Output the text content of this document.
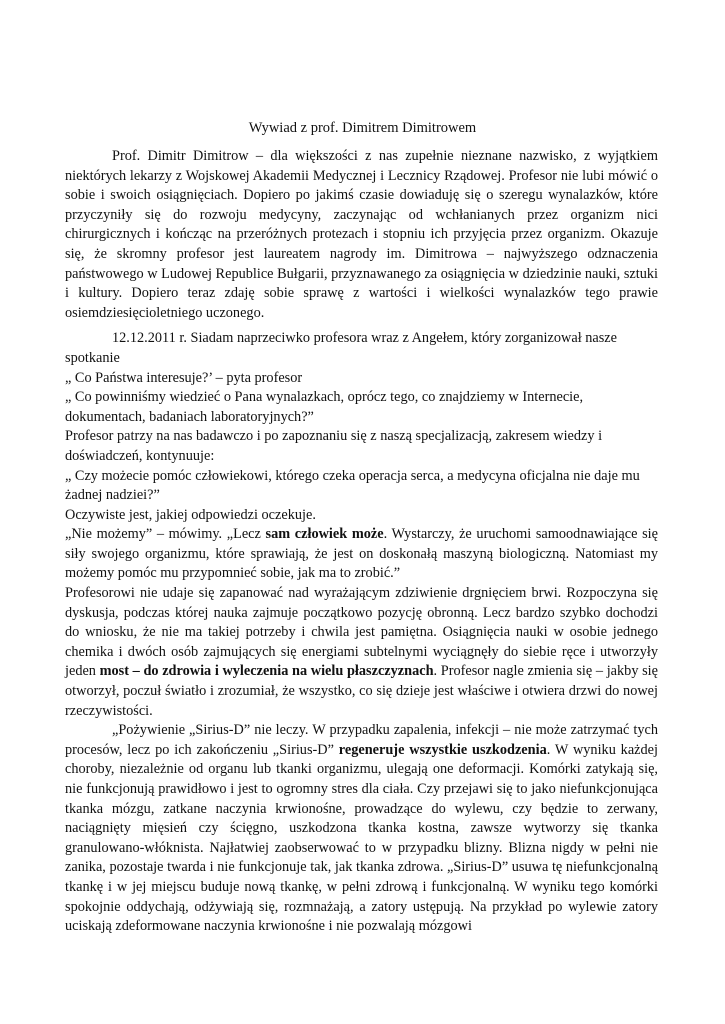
Wywiad z prof. Dimitrem Dimitrowem

Prof. Dimitr Dimitrow – dla większości z nas zupełnie nieznane nazwisko, z wyjątkiem niektórych lekarzy z Wojskowej Akademii Medycznej i Lecznicy Rządowej. Profesor nie lubi mówić o sobie i swoich osiągnięciach. Dopiero po jakimś czasie dowiaduję się o szeregu wynalazków, które przyczyniły się do rozwoju medycyny, zaczynając od wchłanianych przez organizm nici chirurgicznych i kończąc na przeróżnych protezach i stopniu ich przyjęcia przez organizm. Okazuje się, że skromny profesor jest laureatem nagrody im. Dimitrowa – najwyższego odznaczenia państwowego w Ludowej Republice Bułgarii, przyznawanego za osiągnięcia w dziedzinie nauki, sztuki i kultury. Dopiero teraz zdaję sobie sprawę z wartości i wielkości wynalazków tego prawie osiemdziesięcioletniego uczonego.

12.12.2011 r. Siadam naprzeciwko profesora wraz z Angełem, który zorganizował nasze spotkanie

„ Co Państwa interesuje?’ – pyta profesor

„ Co powinniśmy wiedzieć o Pana wynalazkach, oprócz tego, co znajdziemy w Internecie, dokumentach, badaniach laboratoryjnych?”

Profesor patrzy na nas badawczo i po zapoznaniu się z naszą specjalizacją, zakresem wiedzy i doświadczeń, kontynuuje:

„ Czy możecie pomóc człowiekowi, którego czeka operacja serca, a medycyna oficjalna nie daje mu żadnej nadziei?”

Oczywiste jest, jakiej odpowiedzi oczekuje.

„Nie możemy” – mówimy. „Lecz sam człowiek może. Wystarczy, że uruchomi samoodnawiające się siły swojego organizmu, które sprawiają, że jest on doskonałą maszyną biologiczną. Natomiast my możemy pomóc mu przypomnieć sobie, jak ma to zrobić.”

Profesorowi nie udaje się zapanować nad wyrażającym zdziwienie drgnięciem brwi. Rozpoczyna się dyskusja, podczas której nauka zajmuje początkowo pozycję obronną. Lecz bardzo szybko dochodzi do wniosku, że nie ma takiej potrzeby i chwila jest pamiętna. Osiągnięcia nauki w osobie jednego chemika i dwóch osób zajmujących się energiami subtelnymi wyciągnęły do siebie ręce i utworzyły jeden most – do zdrowia i wyleczenia na wielu płaszczyznach. Profesor nagle zmienia się – jakby się otworzył, poczuł światło i zrozumiał, że wszystko, co się dzieje jest właściwe i otwiera drzwi do nowej rzeczywistości.

„Pożywienie „Sirius-D” nie leczy. W przypadku zapalenia, infekcji – nie może zatrzymać tych procesów, lecz po ich zakończeniu „Sirius-D” regeneruje wszystkie uszkodzenia. W wyniku każdej choroby, niezależnie od organu lub tkanki organizmu, ulegają one deformacji. Komórki zatykają się, nie funkcjonują prawidłowo i jest to ogromny stres dla ciała. Czy przejawi się to jako niefunkcjonująca tkanka mózgu, zatkane naczynia krwionośne, prowadzące do wylewu, czy będzie to zerwany, naciągnięty mięsień czy ścięgno, uszkodzona tkanka kostna, zawsze wytworzy się tkanka granulowano-włóknista. Najłatwiej zaobserwować to w przypadku blizny. Blizna nigdy w pełni nie zanika, pozostaje twarda i nie funkcjonuje tak, jak tkanka zdrowa. „Sirius-D” usuwa tę niefunkcjonalną tkankę i w jej miejscu buduje nową tkankę, w pełni zdrową i funkcjonalną. W wyniku tego komórki spokojnie oddychają, odżywiają się, rozmnażają, a zatory ustępują. Na przykład po wylewie zatory uciskają zdeformowane naczynia krwionośne i nie pozwalają mózgowi
